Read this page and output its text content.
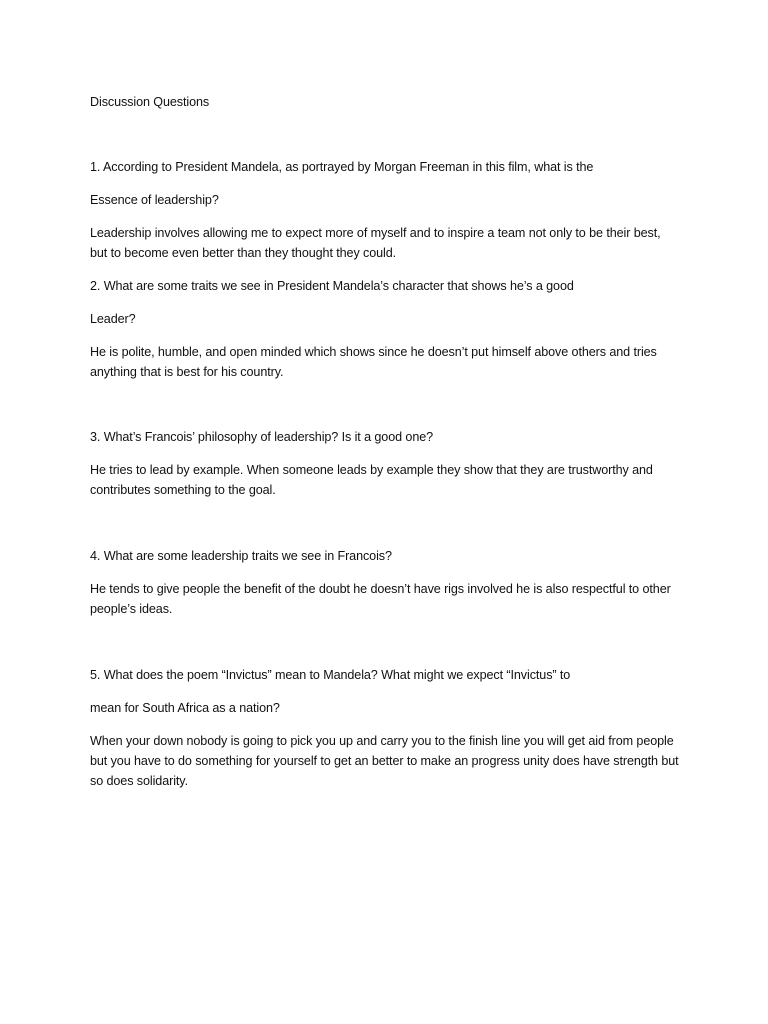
Discussion Questions
1. According to President Mandela, as portrayed by Morgan Freeman in this film, what is the
Essence of leadership?
Leadership involves allowing me to expect more of myself and to inspire a team not only to be their best, but to become even better than they thought they could.
2. What are some traits we see in President Mandela’s character that shows he’s a good
Leader?
He is polite, humble, and open minded which shows since he doesn’t put himself above others and tries anything that is best for his country.
3. What’s Francois’ philosophy of leadership? Is it a good one?
He tries to lead by example. When someone leads by example they show that they are trustworthy and contributes something to the goal.
4. What are some leadership traits we see in Francois?
He tends to give people the benefit of the doubt he doesn’t have rigs involved he is also respectful to other people’s ideas.
5. What does the poem “Invictus” mean to Mandela? What might we expect “Invictus” to
mean for South Africa as a nation?
When your down nobody is going to pick you up and carry you to the finish line you will get aid from people but you have to do something for yourself to get an better to make an progress unity does have strength but so does solidarity.
